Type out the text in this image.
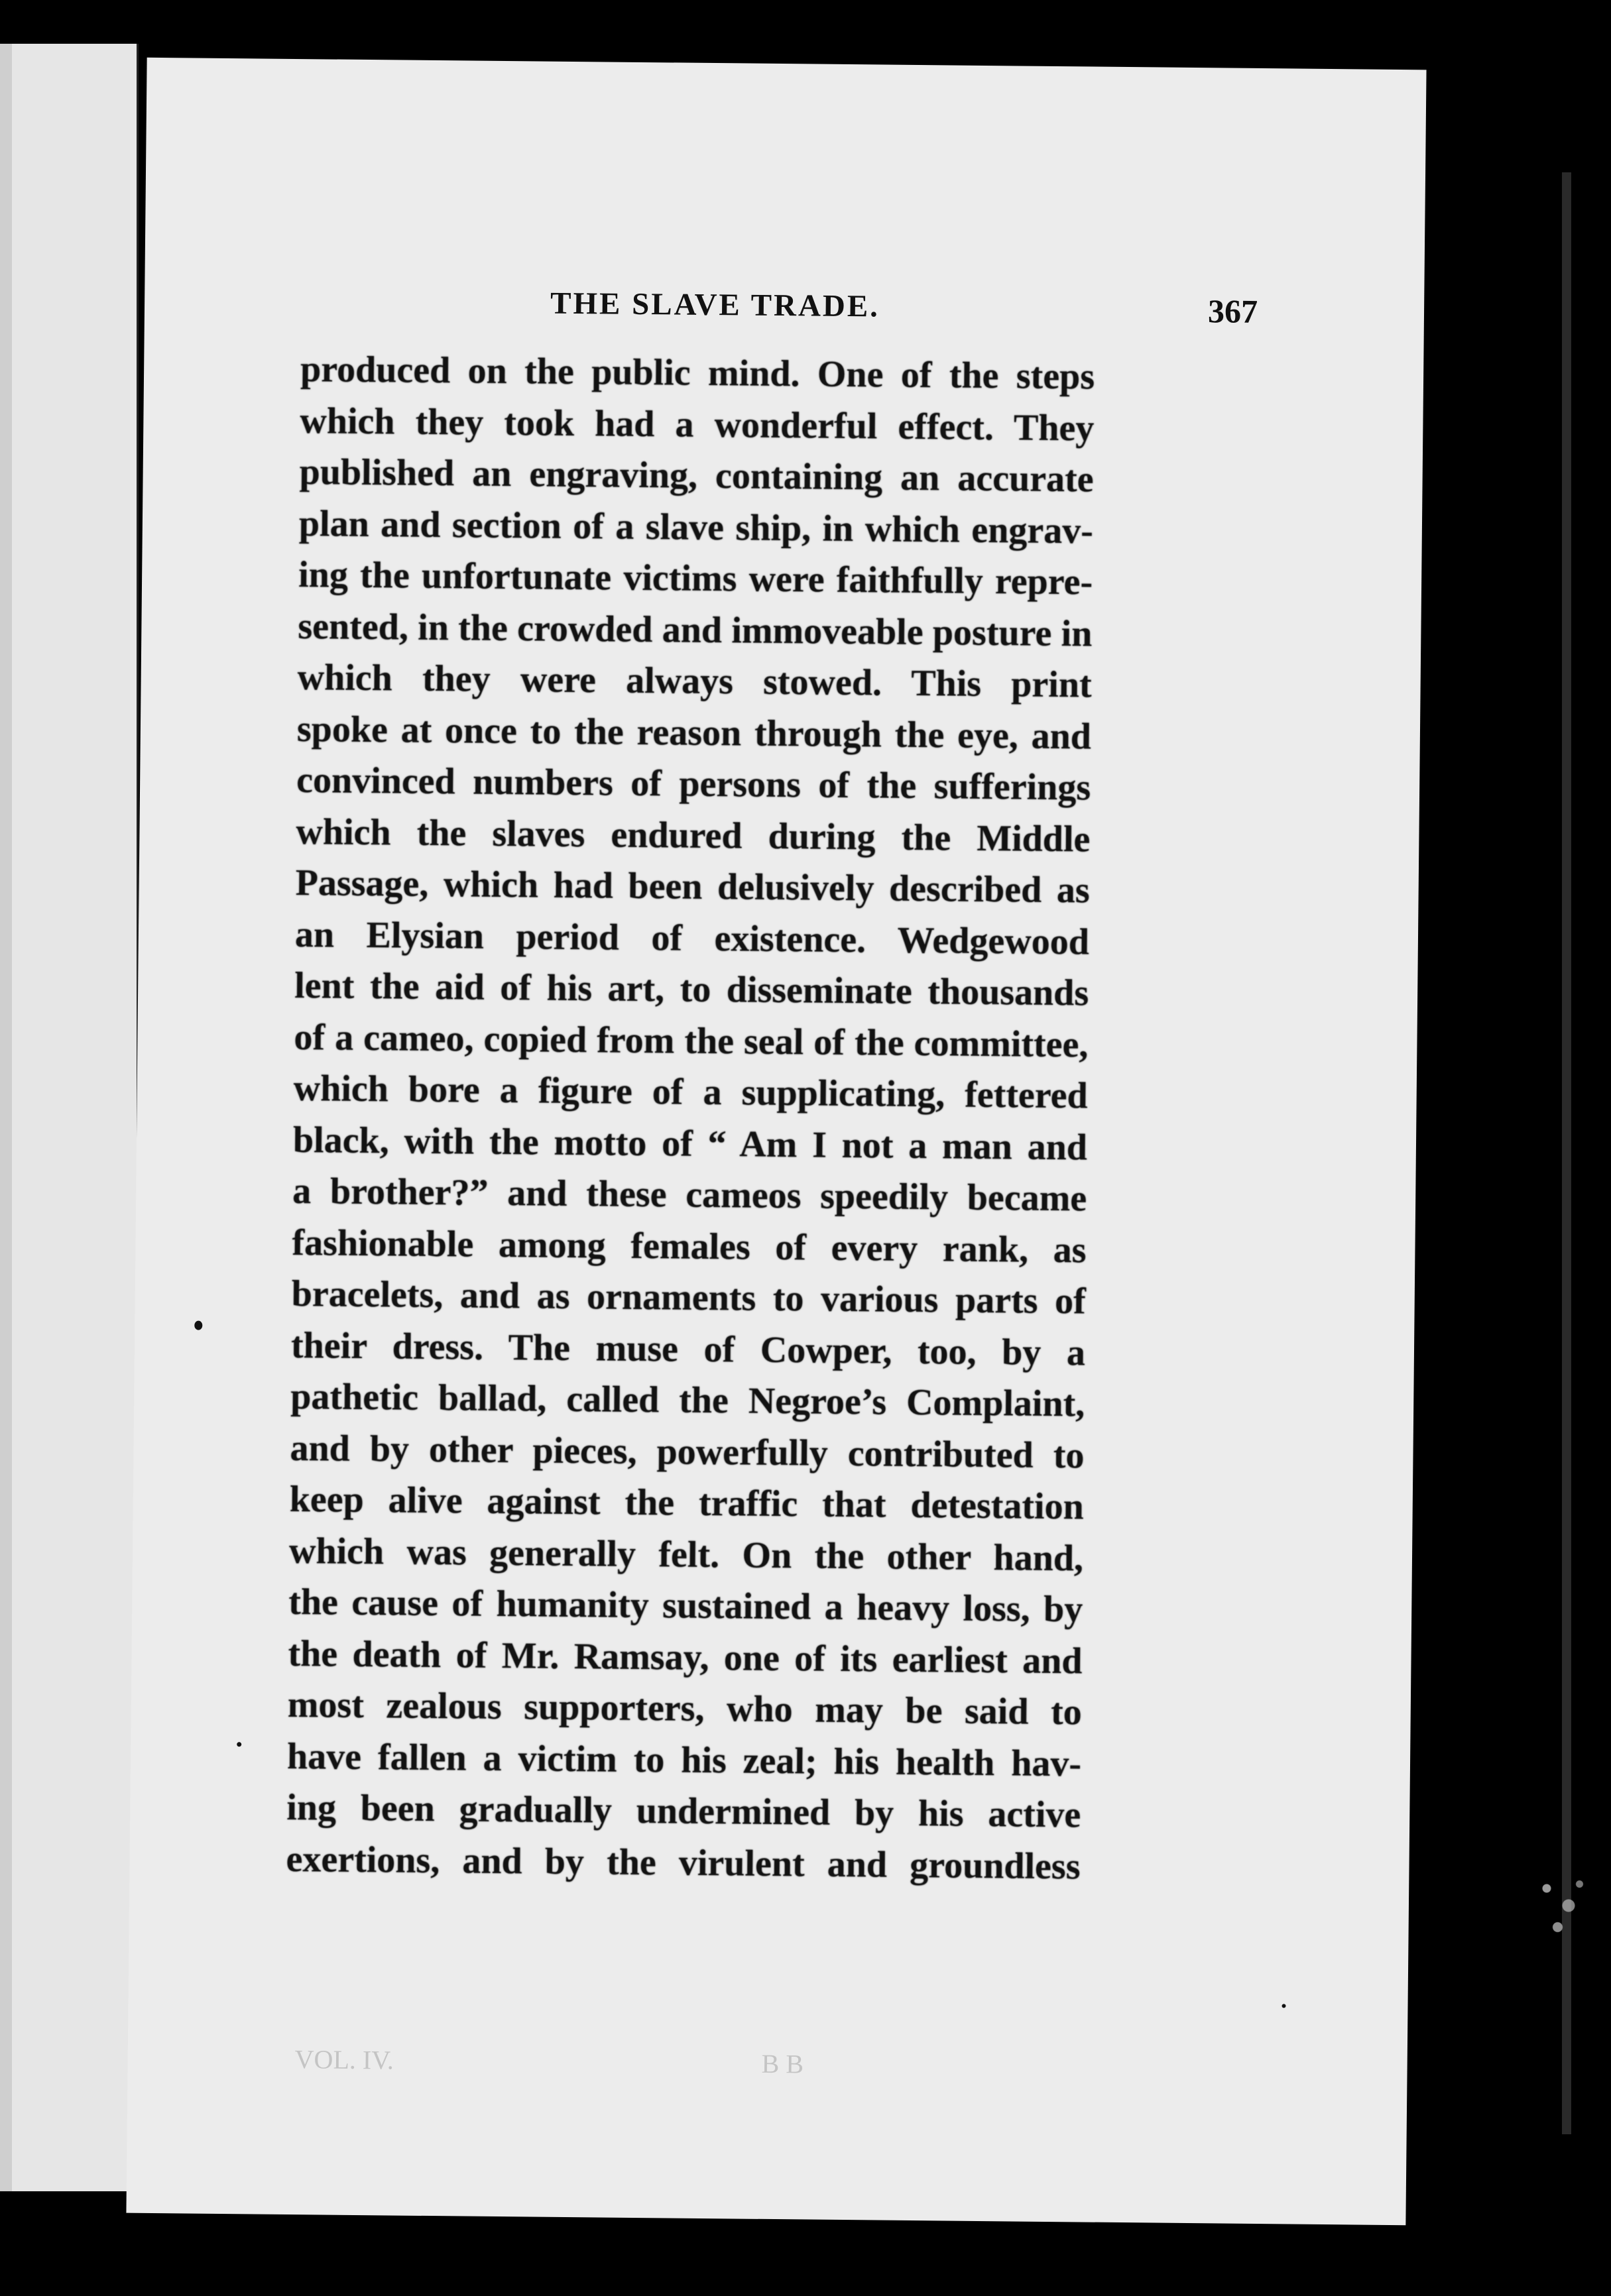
THE SLAVE TRADE.	367
produced on the public mind. One of the steps
which they took had a wonderful effect. They
published an engraving, containing an accurate
plan and section of a slave ship, in which engrav-
ing the unfortunate victims were faithfully repre-
sented, in the crowded and immoveable posture in
which they were always stowed. This print
spoke at once to the reason through the eye, and
convinced numbers of persons of the sufferings
which the slaves endured during the Middle
Passage, which had been delusively described as
an Elysian period of existence. Wedgewood
lent the aid of his art, to disseminate thousands
of a cameo, copied from the seal of the committee,
which bore a figure of a supplicating, fettered
black, with the motto of “ Am I not a man and
a brother?” and these cameos speedily became
fashionable among females of every rank, as
bracelets, and as ornaments to various parts of
their dress. The muse of Cowper, too, by a
pathetic ballad, called the Negroe’s Complaint,
and by other pieces, powerfully contributed to
keep alive against the traffic that detestation
which was generally felt. On the other hand,
the cause of humanity sustained a heavy loss, by
the death of Mr. Ramsay, one of its earliest and
most zealous supporters, who may be said to
have fallen a victim to his zeal; his health hav-
ing been gradually undermined by his active
exertions, and by the virulent and groundless
VOL. IV.	B B
